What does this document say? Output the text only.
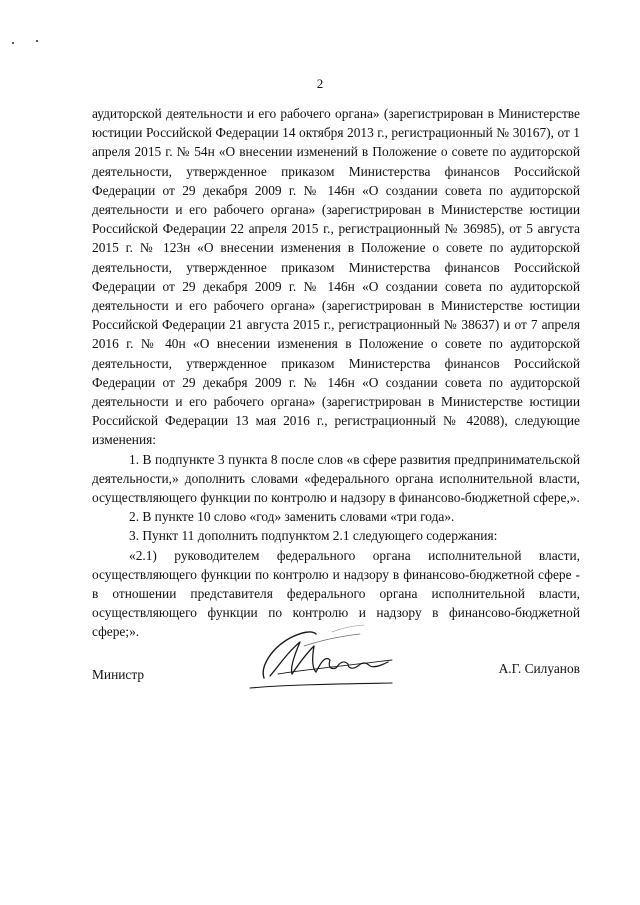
2

аудиторской деятельности и его рабочего органа» (зарегистрирован в Министерстве юстиции Российской Федерации 14 октября 2013 г., регистрационный № 30167), от 1 апреля 2015 г. № 54н «О внесении изменений в Положение о совете по аудиторской деятельности, утвержденное приказом Министерства финансов Российской Федерации от 29 декабря 2009 г. № 146н «О создании совета по аудиторской деятельности и его рабочего органа» (зарегистрирован в Министерстве юстиции Российской Федерации 22 апреля 2015 г., регистрационный № 36985), от 5 августа 2015 г. № 123н «О внесении изменения в Положение о совете по аудиторской деятельности, утвержденное приказом Министерства финансов Российской Федерации от 29 декабря 2009 г. № 146н «О создании совета по аудиторской деятельности и его рабочего органа» (зарегистрирован в Министерстве юстиции Российской Федерации 21 августа 2015 г., регистрационный № 38637) и от 7 апреля 2016 г. № 40н «О внесении изменения в Положение о совете по аудиторской деятельности, утвержденное приказом Министерства финансов Российской Федерации от 29 декабря 2009 г. № 146н «О создании совета по аудиторской деятельности и его рабочего органа» (зарегистрирован в Министерстве юстиции Российской Федерации 13 мая 2016 г., регистрационный № 42088), следующие изменения:

1. В подпункте 3 пункта 8 после слов «в сфере развития предпринимательской деятельности,» дополнить словами «федерального органа исполнительной власти, осуществляющего функции по контролю и надзору в финансово-бюджетной сфере,».

2. В пункте 10 слово «год» заменить словами «три года».

3. Пункт 11 дополнить подпунктом 2.1 следующего содержания:

«2.1) руководителем федерального органа исполнительной власти, осуществляющего функции по контролю и надзору в финансово-бюджетной сфере - в отношении представителя федерального органа исполнительной власти, осуществляющего функции по контролю и надзору в финансово-бюджетной сфере;».

Министр	А.Г. Силуанов
